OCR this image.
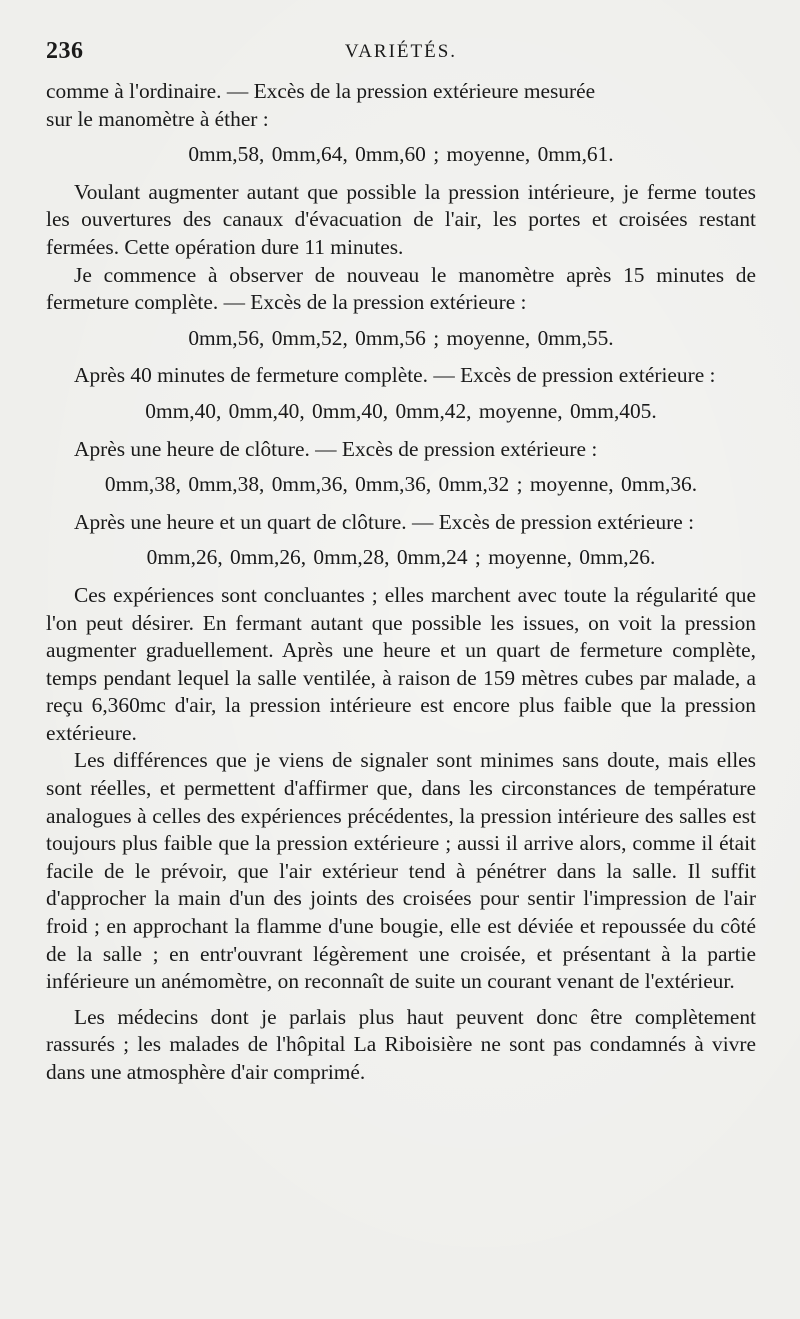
236	VARIÉTÉS.

comme à l'ordinaire. — Excès de la pression extérieure mesurée
sur le manomètre à éther :

0mm,58, 0mm,64, 0mm,60 ; moyenne, 0mm,61.

Voulant augmenter autant que possible la pression intérieure, je ferme toutes les ouvertures des canaux d'évacuation de l'air, les portes et croisées restant fermées. Cette opération dure 11 minutes.

Je commence à observer de nouveau le manomètre après 15 minutes de fermeture complète. — Excès de la pression extérieure :

0mm,56, 0mm,52, 0mm,56 ; moyenne, 0mm,55.

Après 40 minutes de fermeture complète. — Excès de pression extérieure :

0mm,40, 0mm,40, 0mm,40, 0mm,42, moyenne, 0mm,405.

Après une heure de clôture. — Excès de pression extérieure :

0mm,38, 0mm,38, 0mm,36, 0mm,36, 0mm,32 ; moyenne, 0mm,36.

Après une heure et un quart de clôture. — Excès de pression extérieure :

0mm,26, 0mm,26, 0mm,28, 0mm,24 ; moyenne, 0mm,26.

Ces expériences sont concluantes ; elles marchent avec toute la régularité que l'on peut désirer. En fermant autant que possible les issues, on voit la pression augmenter graduellement. Après une heure et un quart de fermeture complète, temps pendant lequel la salle ventilée, à raison de 159 mètres cubes par malade, a reçu 6,360mc d'air, la pression intérieure est encore plus faible que la pression extérieure.

Les différences que je viens de signaler sont minimes sans doute, mais elles sont réelles, et permettent d'affirmer que, dans les circonstances de température analogues à celles des expériences précédentes, la pression intérieure des salles est toujours plus faible que la pression extérieure ; aussi il arrive alors, comme il était facile de le prévoir, que l'air extérieur tend à pénétrer dans la salle. Il suffit d'approcher la main d'un des joints des croisées pour sentir l'impression de l'air froid ; en approchant la flamme d'une bougie, elle est déviée et repoussée du côté de la salle ; en entr'ouvrant légèrement une croisée, et présentant à la partie inférieure un anémomètre, on reconnaît de suite un courant venant de l'extérieur.

Les médecins dont je parlais plus haut peuvent donc être complètement rassurés ; les malades de l'hôpital La Riboisière ne sont pas condamnés à vivre dans une atmosphère d'air comprimé.
